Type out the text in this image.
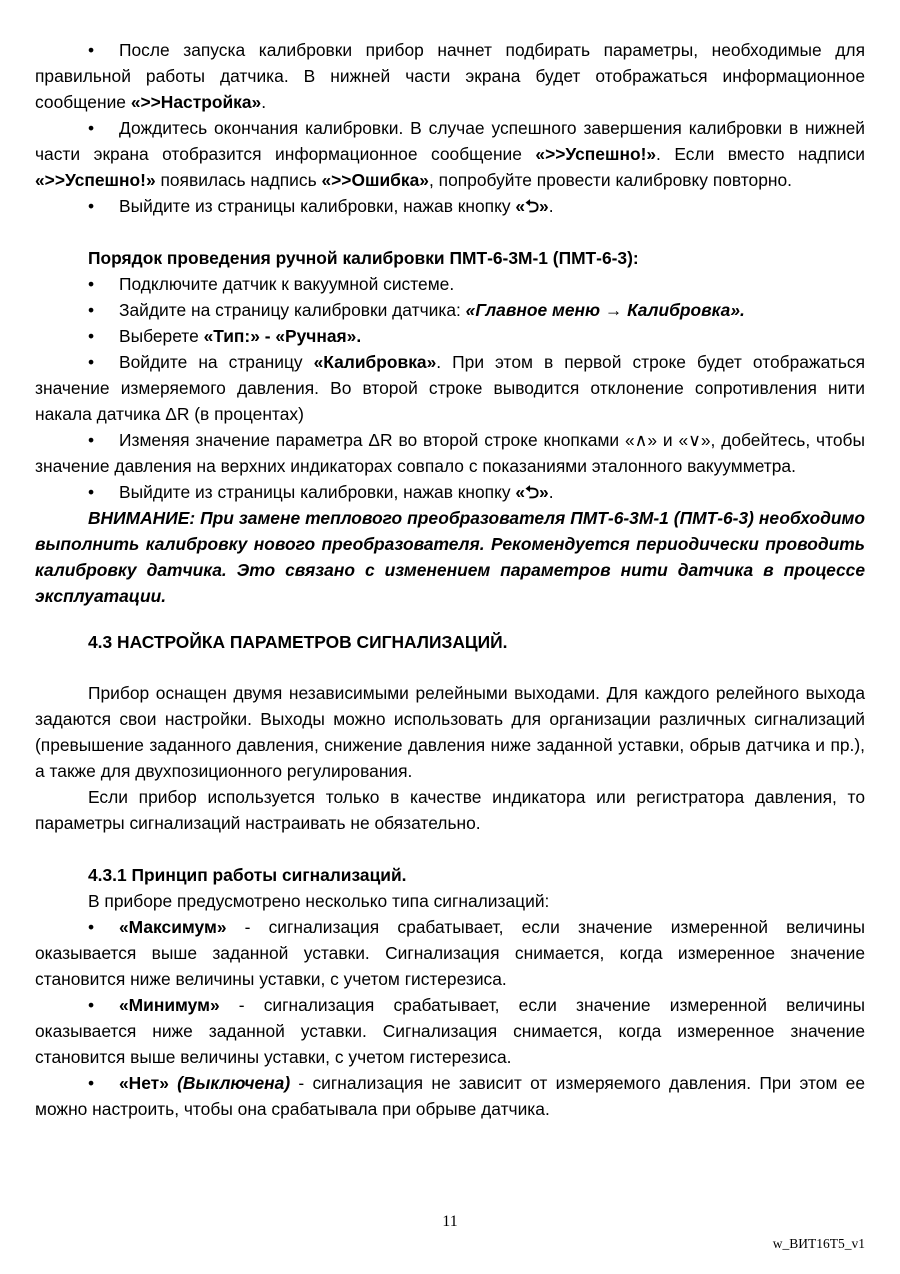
• После запуска калибровки прибор начнет подбирать параметры, необходимые для правильной работы датчика. В нижней части экрана будет отображаться информационное сообщение «>>Настройка».

• Дождитесь окончания калибровки. В случае успешного завершения калибровки в нижней части экрана отобразится информационное сообщение «>>Успешно!». Если вместо надписи «>>Успешно!» появилась надпись «>>Ошибка», попробуйте провести калибровку повторно.

• Выйдите из страницы калибровки, нажав кнопку «⮌».

Порядок проведения ручной калибровки ПМТ-6-3М-1 (ПМТ-6-3):

• Подключите датчик к вакуумной системе.

• Зайдите на страницу калибровки датчика: «Главное меню → Калибровка».

• Выберете «Тип:» - «Ручная».

• Войдите на страницу «Калибровка». При этом в первой строке будет отображаться значение измеряемого давления. Во второй строке выводится отклонение сопротивления нити накала датчика ΔR (в процентах)

• Изменяя значение параметра ΔR во второй строке кнопками «∧» и «∨», добейтесь, чтобы значение давления на верхних индикаторах совпало с показаниями эталонного вакуумметра.

• Выйдите из страницы калибровки, нажав кнопку «⮌».

ВНИМАНИЕ: При замене теплового преобразователя ПМТ-6-3М-1 (ПМТ-6-3) необходимо выполнить калибровку нового преобразователя. Рекомендуется периодически проводить калибровку датчика. Это связано с изменением параметров нити датчика в процессе эксплуатации.

4.3 НАСТРОЙКА ПАРАМЕТРОВ СИГНАЛИЗАЦИЙ.

Прибор оснащен двумя независимыми релейными выходами. Для каждого релейного выхода задаются свои настройки. Выходы можно использовать для организации различных сигнализаций (превышение заданного давления, снижение давления ниже заданной уставки, обрыв датчика и пр.), а также для двухпозиционного регулирования.

Если прибор используется только в качестве индикатора или регистратора давления, то параметры сигнализаций настраивать не обязательно.

4.3.1 Принцип работы сигнализаций.

В приборе предусмотрено несколько типа сигнализаций:

• «Максимум» - сигнализация срабатывает, если значение измеренной величины оказывается выше заданной уставки. Сигнализация снимается, когда измеренное значение становится ниже величины уставки, с учетом гистерезиса.

• «Минимум» - сигнализация срабатывает, если значение измеренной величины оказывается ниже заданной уставки. Сигнализация снимается, когда измеренное значение становится выше величины уставки, с учетом гистерезиса.

• «Нет» (Выключена) - сигнализация не зависит от измеряемого давления. При этом ее можно настроить, чтобы она срабатывала при обрыве датчика.

11
w_ВИТ16Т5_v1
